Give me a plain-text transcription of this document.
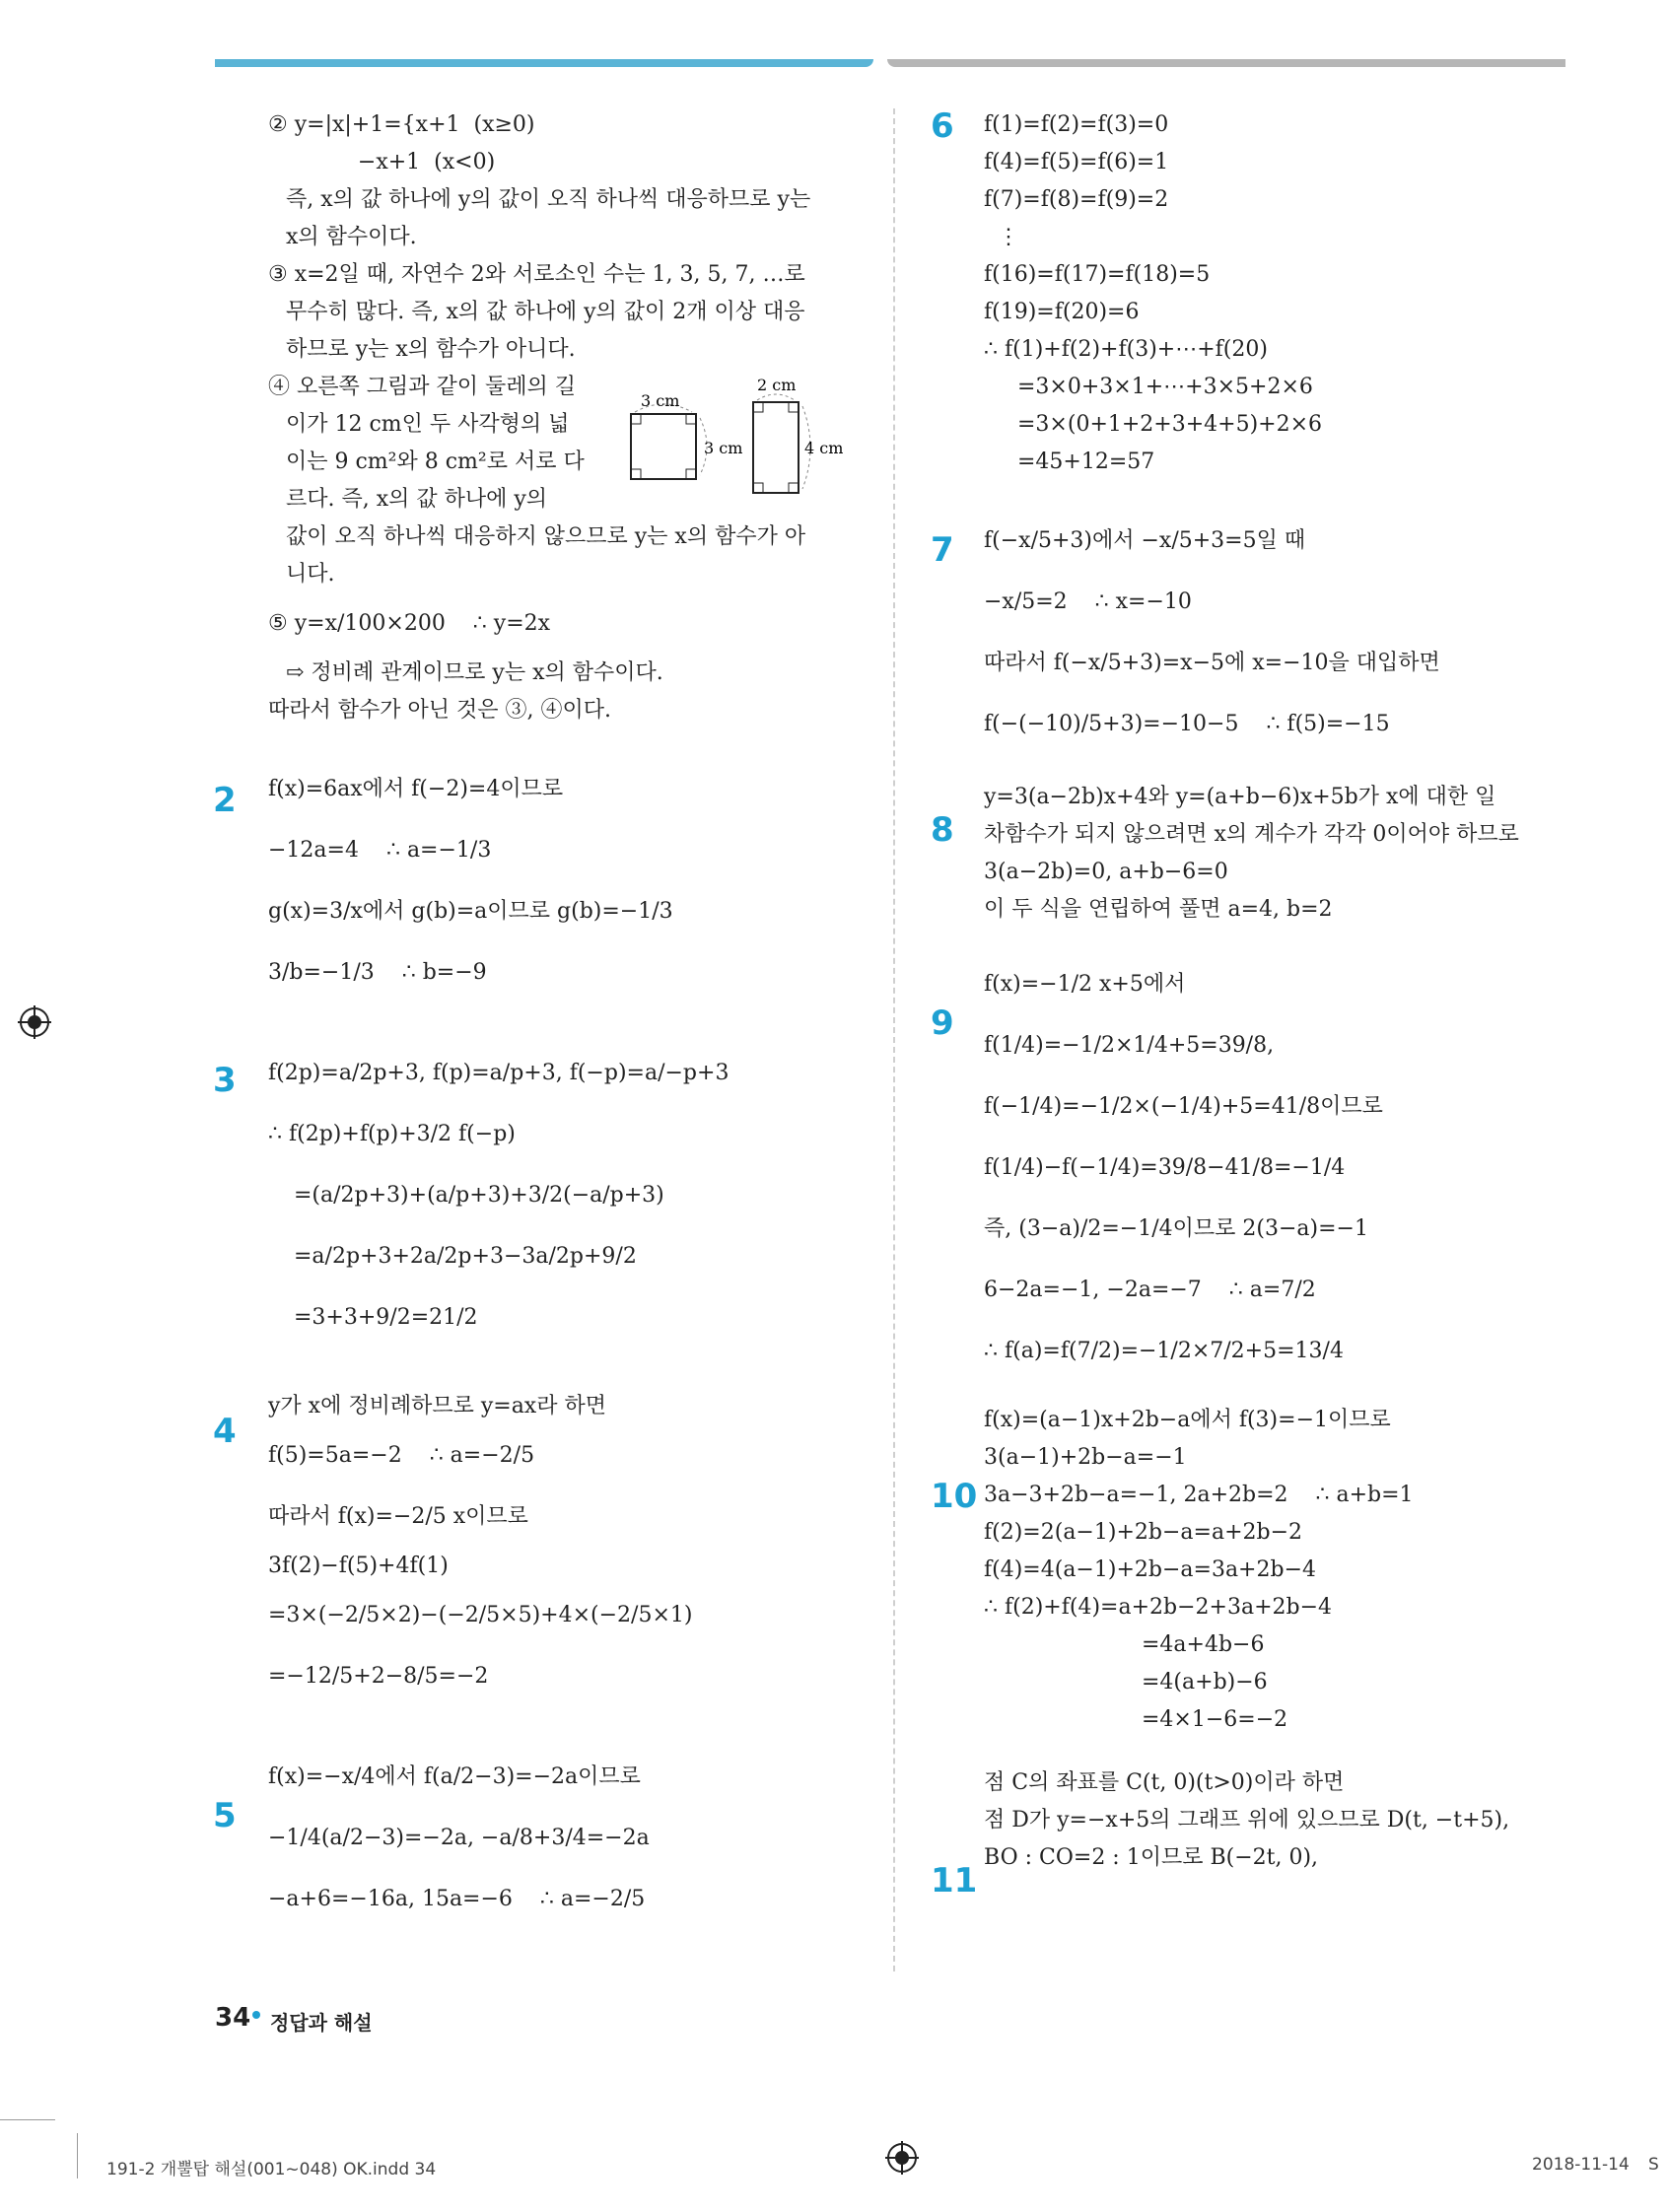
② y=|x|+1={x+1  (x≥0)
−x+1  (x<0)
즉, x의 값 하나에 y의 값이 오직 하나씩 대응하므로 y는
x의 함수이다.
③ x=2일 때, 자연수 2와 서로소인 수는 1, 3, 5, 7, …로
무수히 많다. 즉, x의 값 하나에 y의 값이 2개 이상 대응
하므로 y는 x의 함수가 아니다.
④ 오른쪽 그림과 같이 둘레의 길
이가 12 cm인 두 사각형의 넓
이는 9 cm²와 8 cm²로 서로 다
르다. 즉, x의 값 하나에 y의
값이 오직 하나씩 대응하지 않으므로 y는 x의 함수가 아
니다.
⑤ y=x/100×200    ∴ y=2x
⇨ 정비례 관계이므로 y는 x의 함수이다.
따라서 함수가 아닌 것은 ③, ④이다.
f(x)=6ax에서 f(−2)=4이므로
−12a=4    ∴ a=−1/3
g(x)=3/x에서 g(b)=a이므로 g(b)=−1/3
3/b=−1/3    ∴ b=−9
f(2p)=a/2p+3, f(p)=a/p+3, f(−p)=a/−p+3
∴ f(2p)+f(p)+3/2 f(−p)
=(a/2p+3)+(a/p+3)+3/2(−a/p+3)
=a/2p+3+2a/2p+3−3a/2p+9/2
=3+3+9/2=21/2
y가 x에 정비례하므로 y=ax라 하면
f(5)=5a=−2    ∴ a=−2/5
따라서 f(x)=−2/5 x이므로
3f(2)−f(5)+4f(1)
=3×(−2/5×2)−(−2/5×5)+4×(−2/5×1)
=−12/5+2−8/5=−2
f(x)=−x/4에서 f(a/2−3)=−2a이므로
−1/4(a/2−3)=−2a, −a/8+3/4=−2a
−a+6=−16a, 15a=−6    ∴ a=−2/5
3 cm
3 cm
2 cm
4 cm
2
3
4
5
f(1)=f(2)=f(3)=0
f(4)=f(5)=f(6)=1
f(7)=f(8)=f(9)=2
⋮
f(16)=f(17)=f(18)=5
f(19)=f(20)=6
∴ f(1)+f(2)+f(3)+⋯+f(20)
=3×0+3×1+⋯+3×5+2×6
=3×(0+1+2+3+4+5)+2×6
=45+12=57
f(−x/5+3)에서 −x/5+3=5일 때
−x/5=2    ∴ x=−10
따라서 f(−x/5+3)=x−5에 x=−10을 대입하면
f(−(−10)/5+3)=−10−5    ∴ f(5)=−15
y=3(a−2b)x+4와 y=(a+b−6)x+5b가 x에 대한 일
차함수가 되지 않으려면 x의 계수가 각각 0이어야 하므로
3(a−2b)=0, a+b−6=0
이 두 식을 연립하여 풀면 a=4, b=2
f(x)=−1/2 x+5에서
f(1/4)=−1/2×1/4+5=39/8,
f(−1/4)=−1/2×(−1/4)+5=41/8이므로
f(1/4)−f(−1/4)=39/8−41/8=−1/4
즉, (3−a)/2=−1/4이므로 2(3−a)=−1
6−2a=−1, −2a=−7    ∴ a=7/2
∴ f(a)=f(7/2)=−1/2×7/2+5=13/4
f(x)=(a−1)x+2b−a에서 f(3)=−1이므로
3(a−1)+2b−a=−1
3a−3+2b−a=−1, 2a+2b=2    ∴ a+b=1
f(2)=2(a−1)+2b−a=a+2b−2
f(4)=4(a−1)+2b−a=3a+2b−4
∴ f(2)+f(4)=a+2b−2+3a+2b−4
=4a+4b−6
=4(a+b)−6
=4×1−6=−2
점 C의 좌표를 C(t, 0)(t>0)이라 하면
점 D가 y=−x+5의 그래프 위에 있으므로 D(t, −t+5),
BO : CO=2 : 1이므로 B(−2t, 0),
6
7
8
9
10
11
34 정답과 해설
191-2 개뿔탑 해설(001~048) OK.indd 34	2018-11-14 S
